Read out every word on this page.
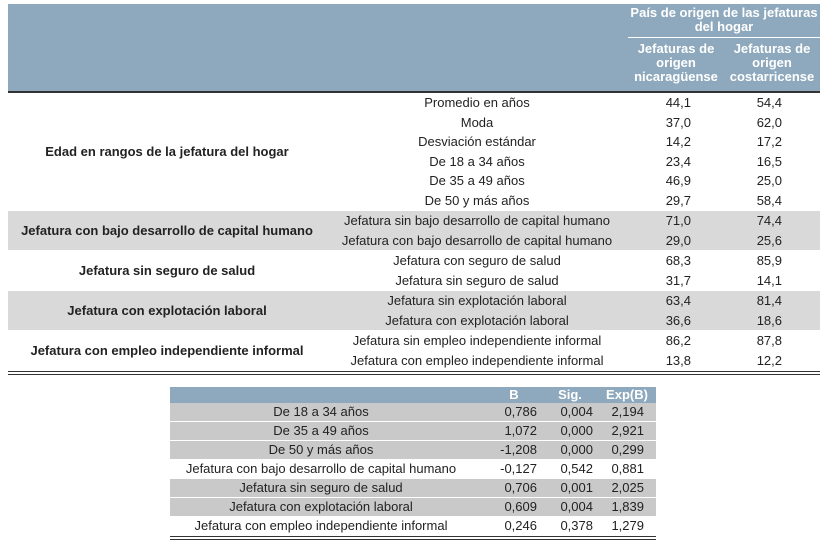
País de origen de las jefaturas del hogar
Jefaturas de origen nicaragüense
Jefaturas de origen costarricense
Edad en rangos de la jefatura del hogar
Promedio en años	44,1	54,4
Moda	37,0	62,0
Desviación estándar	14,2	17,2
De 18 a 34 años	23,4	16,5
De 35 a 49 años	46,9	25,0
De 50 y más años	29,7	58,4
Jefatura con bajo desarrollo de capital humano
Jefatura sin bajo desarrollo de capital humano	71,0	74,4
Jefatura con bajo desarrollo de capital humano	29,0	25,6
Jefatura sin seguro de salud
Jefatura con seguro de salud	68,3	85,9
Jefatura sin seguro de salud	31,7	14,1
Jefatura con explotación laboral
Jefatura sin explotación laboral	63,4	81,4
Jefatura con explotación laboral	36,6	18,6
Jefatura con empleo independiente informal
Jefatura sin empleo independiente informal	86,2	87,8
Jefatura con empleo independiente informal	13,8	12,2
B	Sig.	Exp(B)
De 18 a 34 años	0,786	0,004	2,194
De 35 a 49 años	1,072	0,000	2,921
De 50 y más años	-1,208	0,000	0,299
Jefatura con bajo desarrollo de capital humano	-0,127	0,542	0,881
Jefatura sin seguro de salud	0,706	0,001	2,025
Jefatura con explotación laboral	0,609	0,004	1,839
Jefatura con empleo independiente informal	0,246	0,378	1,279
